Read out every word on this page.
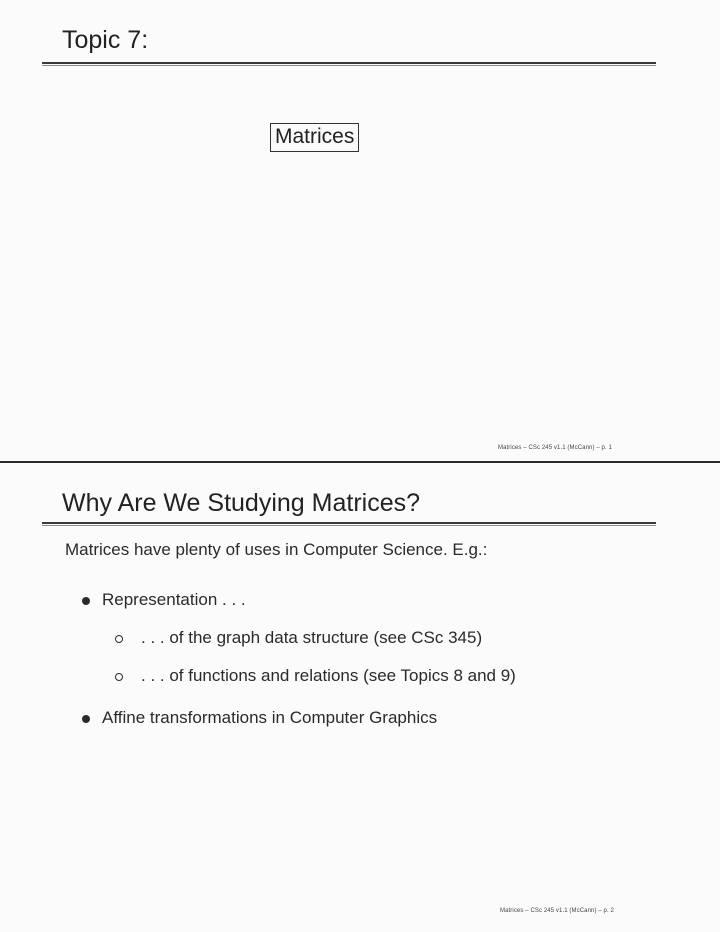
Topic 7:
Matrices
Matrices – CSc 245 v1.1 (McCann) – p. 1
Why Are We Studying Matrices?
Matrices have plenty of uses in Computer Science. E.g.:
Representation . . .
. . . of the graph data structure (see CSc 345)
. . . of functions and relations (see Topics 8 and 9)
Affine transformations in Computer Graphics
Matrices – CSc 245 v1.1 (McCann) – p. 2
